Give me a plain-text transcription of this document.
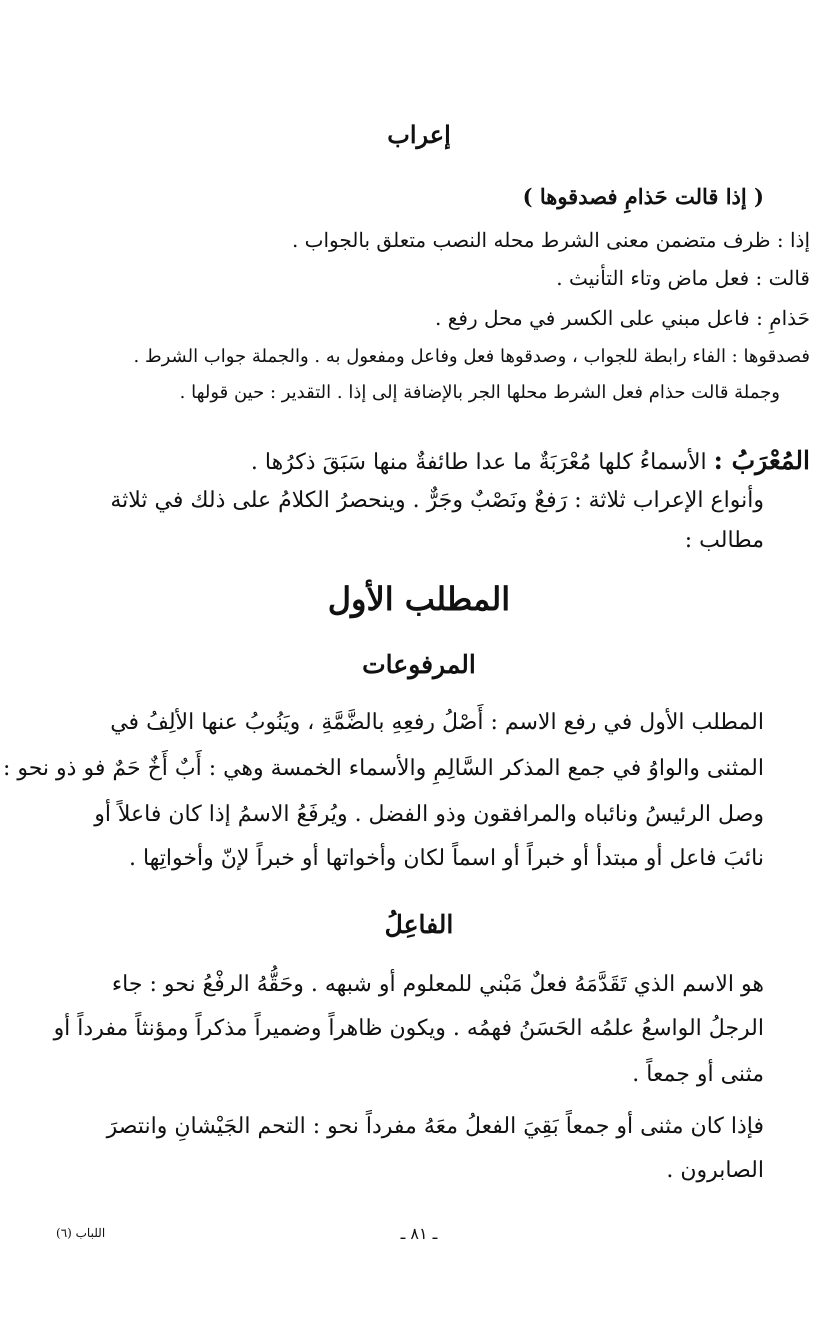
إعراب
( إذا قالت حَذامِ فصدقوها )

إذا : ظرف متضمن معنى الشرط محله النصب متعلق بالجواب .

قالت : فعل ماض وتاء التأنيث .

حَذامِ : فاعل مبني على الكسر في محل رفع .

فصدقوها : الفاء رابطة للجواب ، وصدقوها فعل وفاعل ومفعول به . والجملة جواب الشرط .

وجملة قالت حذام فعل الشرط محلها الجر بالإضافة إلى إذا . التقدير : حين قولها .

المُعْرَبُ : الأسماءُ كلها مُعْرَبَةٌ ما عدا طائفةٌ منها سَبَقَ ذكرُها .

وأنواع الإعراب ثلاثة : رَفعٌ ونَصْبٌ وجَرٌّ . وينحصرُ الكلامُ على ذلك في ثلاثة

مطالب :

المطلب الأول
المرفوعات

المطلب الأول في رفع الاسم : أَصْلُ رفعِهِ بالضَّمَّةِ ، ويَنُوبُ عنها الألِفُ في

المثنى والواوُ في جمع المذكر السَّالِمِ والأسماء الخمسة وهي : أَبٌ أَخٌ حَمٌ فو ذو نحو :

وصل الرئيسُ ونائباه والمرافقون وذو الفضل . ويُرفَعُ الاسمُ إذا كان فاعلاً أو

نائبَ فاعل أو مبتدأ أو خبراً أو اسماً لكان وأخواتها أو خبراً لإنّ وأخواتِها .

الفاعِلُ

هو الاسم الذي تَقَدَّمَهُ فعلٌ مَبْني للمعلوم أو شبهه . وحَقُّهُ الرفْعُ نحو : جاء

الرجلُ الواسعُ علمُه الحَسَنُ فهمُه . ويكون ظاهراً وضميراً مذكراً ومؤنثاً مفرداً أو

مثنى أو جمعاً .

فإذا كان مثنى أو جمعاً بَقِيَ الفعلُ معَهُ مفرداً نحو : التحم الجَيْشانِ وانتصرَ

الصابرون .

ـ ٨١ ـ
اللباب (٦)
